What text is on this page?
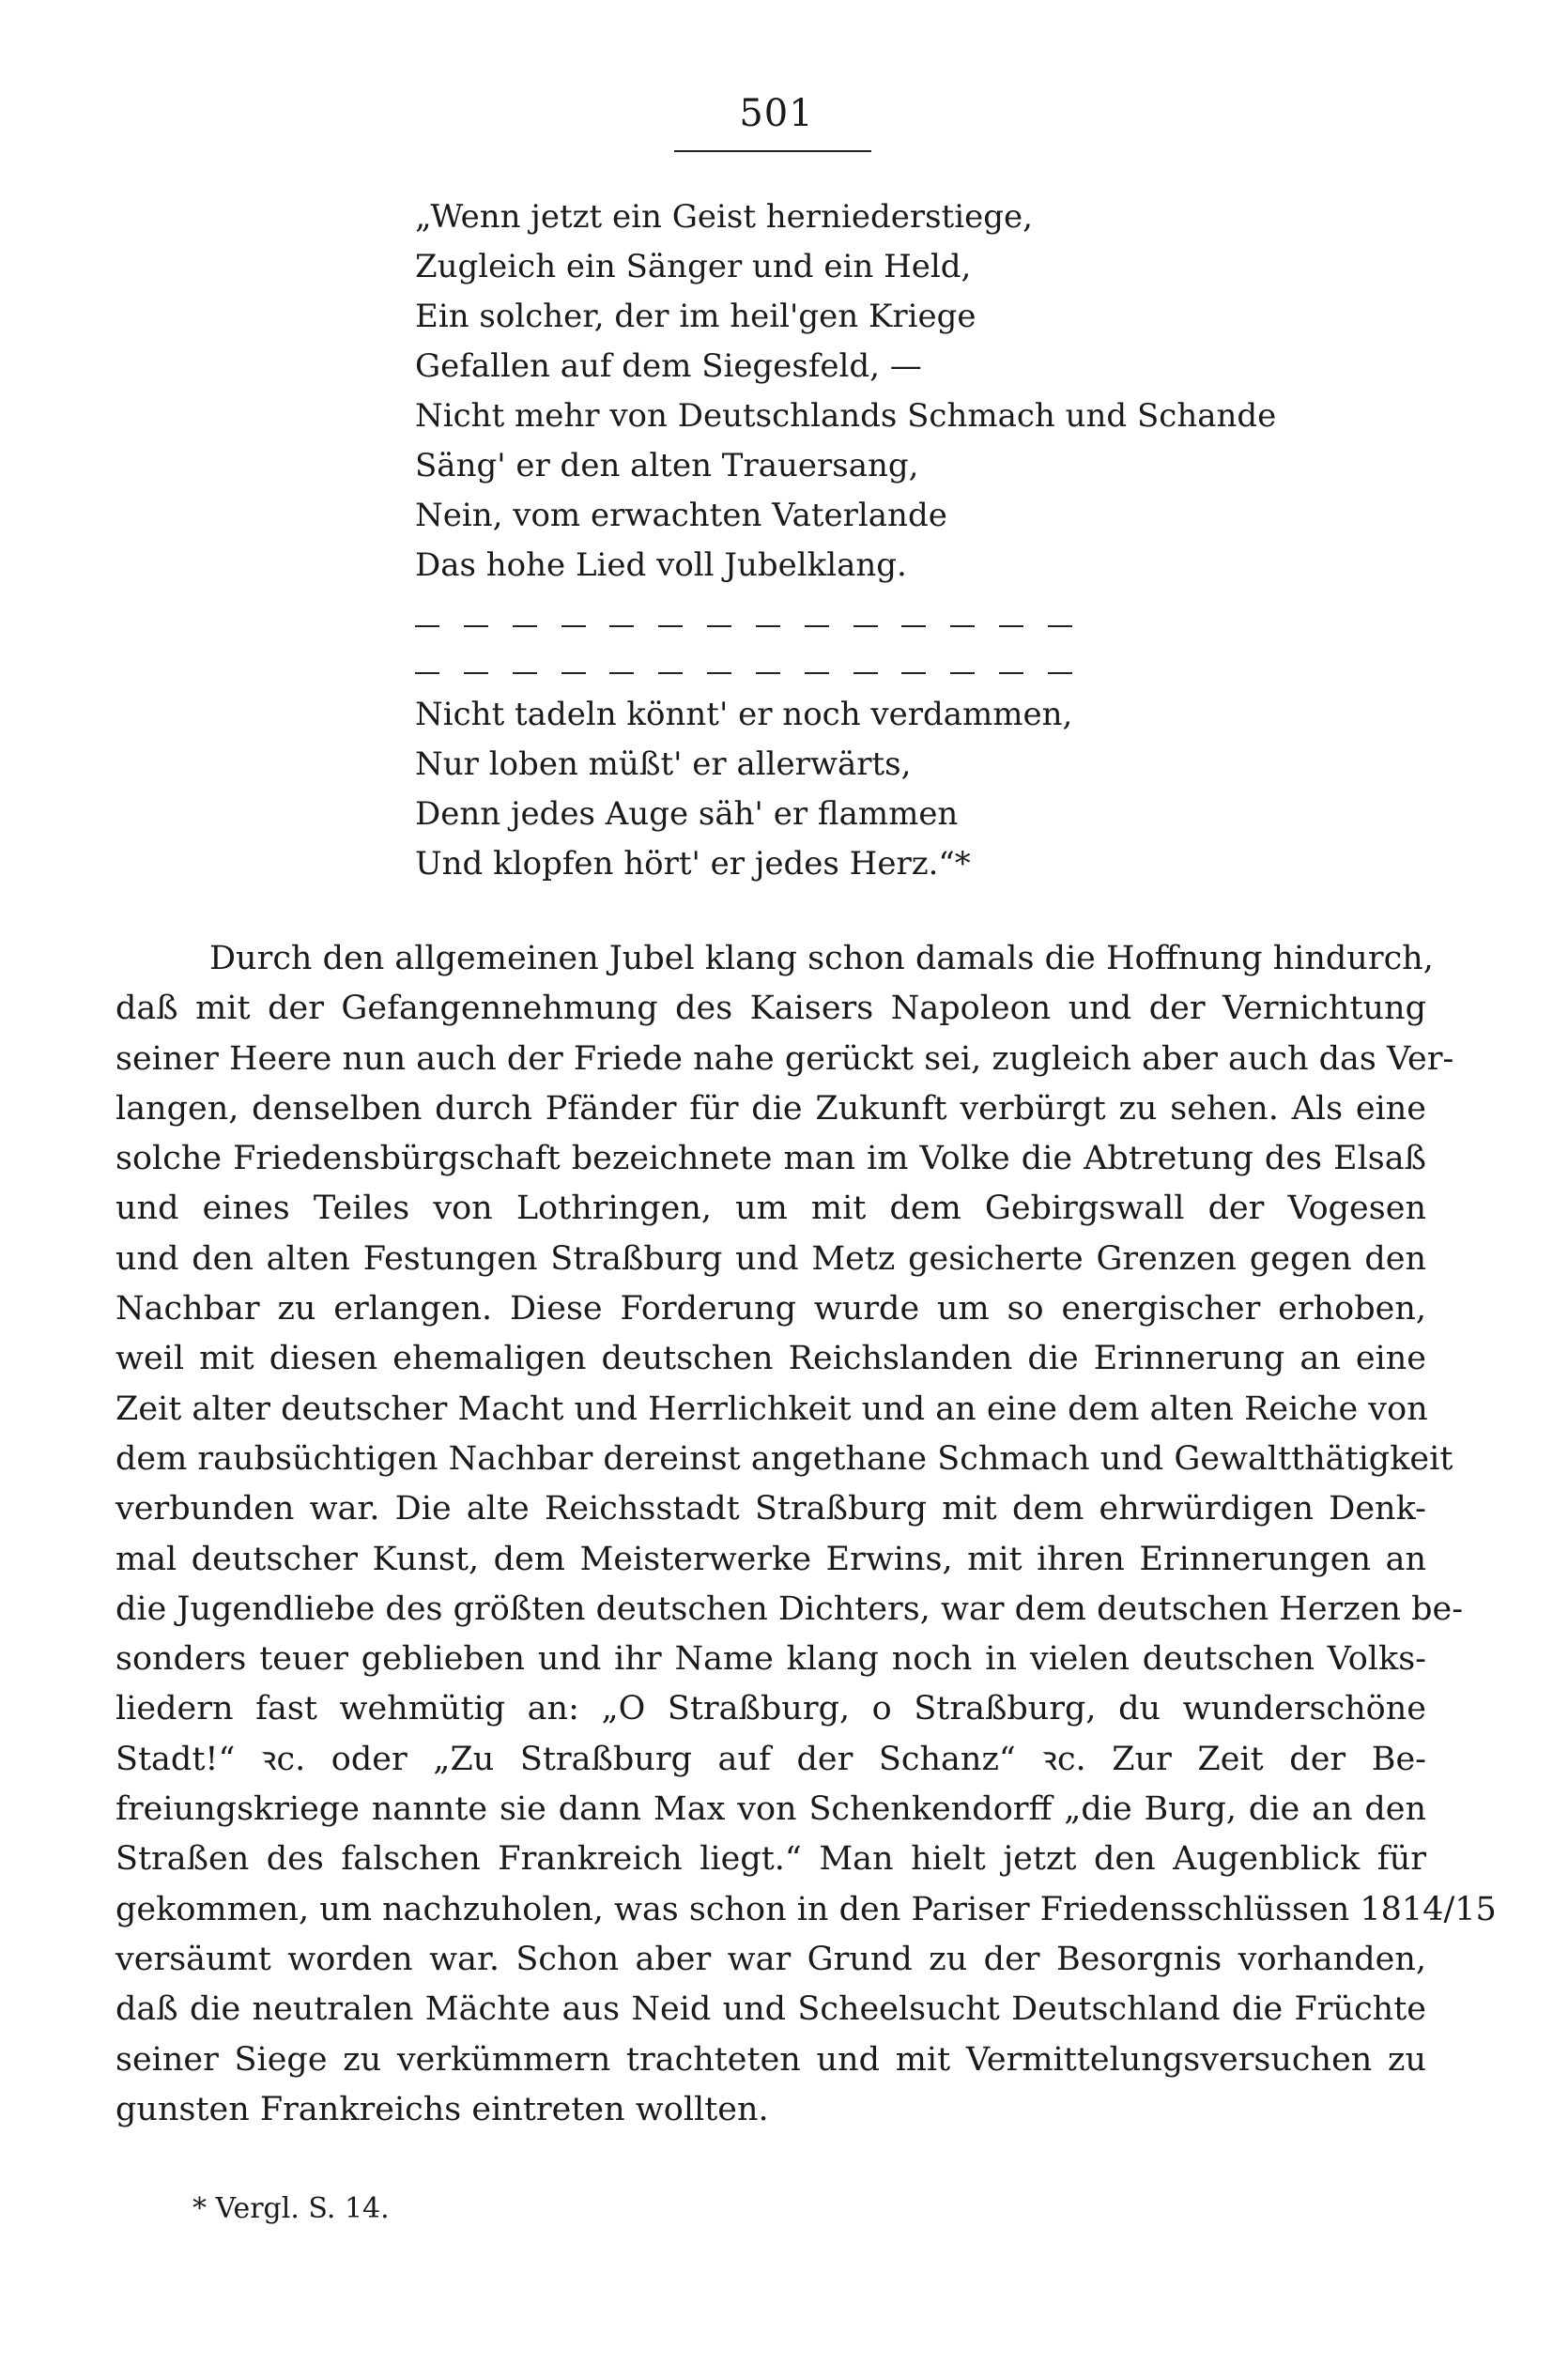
501
„Wenn jetzt ein Geist herniederstiege,
Zugleich ein Sänger und ein Held,
Ein solcher, der im heil'gen Kriege
Gefallen auf dem Siegesfeld, —
Nicht mehr von Deutschlands Schmach und Schande
Säng' er den alten Trauersang,
Nein, vom erwachten Vaterlande
Das hohe Lied voll Jubelklang.
Nicht tadeln könnt' er noch verdammen,
Nur loben müßt' er allerwärts,
Denn jedes Auge säh' er flammen
Und klopfen hört' er jedes Herz.“*
Durch den allgemeinen Jubel klang schon damals die Hoffnung hindurch,
daß mit der Gefangennehmung des Kaisers Napoleon und der Vernichtung
seiner Heere nun auch der Friede nahe gerückt sei, zugleich aber auch das Ver-
langen, denselben durch Pfänder für die Zukunft verbürgt zu sehen. Als eine
solche Friedensbürgschaft bezeichnete man im Volke die Abtretung des Elsaß
und eines Teiles von Lothringen, um mit dem Gebirgswall der Vogesen
und den alten Festungen Straßburg und Metz gesicherte Grenzen gegen den
Nachbar zu erlangen. Diese Forderung wurde um so energischer erhoben,
weil mit diesen ehemaligen deutschen Reichslanden die Erinnerung an eine
Zeit alter deutscher Macht und Herrlichkeit und an eine dem alten Reiche von
dem raubsüchtigen Nachbar dereinst angethane Schmach und Gewaltthätigkeit
verbunden war. Die alte Reichsstadt Straßburg mit dem ehrwürdigen Denk-
mal deutscher Kunst, dem Meisterwerke Erwins, mit ihren Erinnerungen an
die Jugendliebe des größten deutschen Dichters, war dem deutschen Herzen be-
sonders teuer geblieben und ihr Name klang noch in vielen deutschen Volks-
liedern fast wehmütig an: „O Straßburg, o Straßburg, du wunderschöne
Stadt!“ ꝛc. oder „Zu Straßburg auf der Schanz“ ꝛc. Zur Zeit der Be-
freiungskriege nannte sie dann Max von Schenkendorff „die Burg, die an den
Straßen des falschen Frankreich liegt.“ Man hielt jetzt den Augenblick für
gekommen, um nachzuholen, was schon in den Pariser Friedensschlüssen 1814/15
versäumt worden war. Schon aber war Grund zu der Besorgnis vorhanden,
daß die neutralen Mächte aus Neid und Scheelsucht Deutschland die Früchte
seiner Siege zu verkümmern trachteten und mit Vermittelungsversuchen zu
gunsten Frankreichs eintreten wollten.
* Vergl. S. 14.
